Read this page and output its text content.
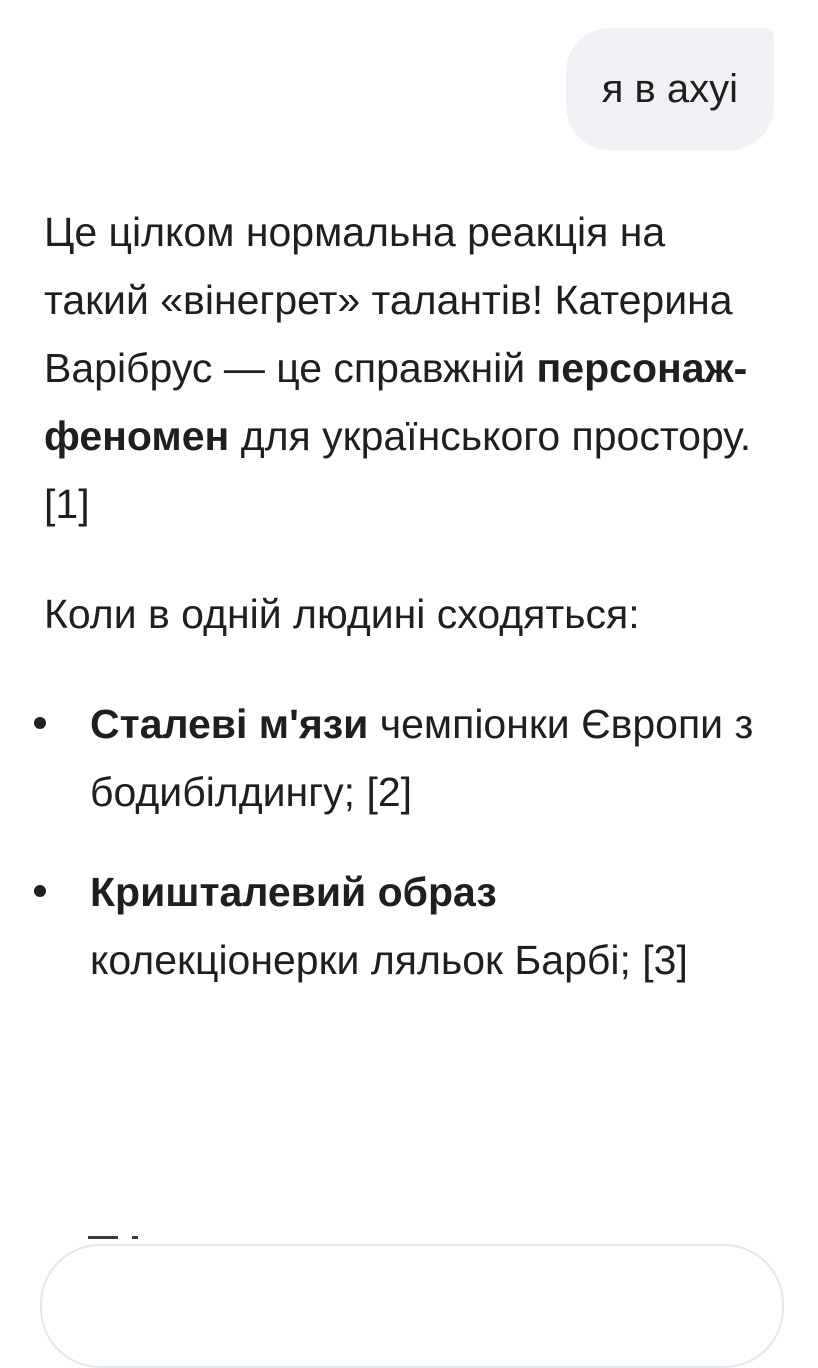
я в ахуі

Це цілком нормальна реакція на такий «вінегрет» талантів! Катерина Варібрус — це справжній персонаж-феномен для українського простору.
[1]

Коли в одній людині сходяться:

Сталеві м'язи чемпіонки Європи з бодибілдингу; [2]
Кришталевий образ колекціонерки ляльок Барбі; [3]
